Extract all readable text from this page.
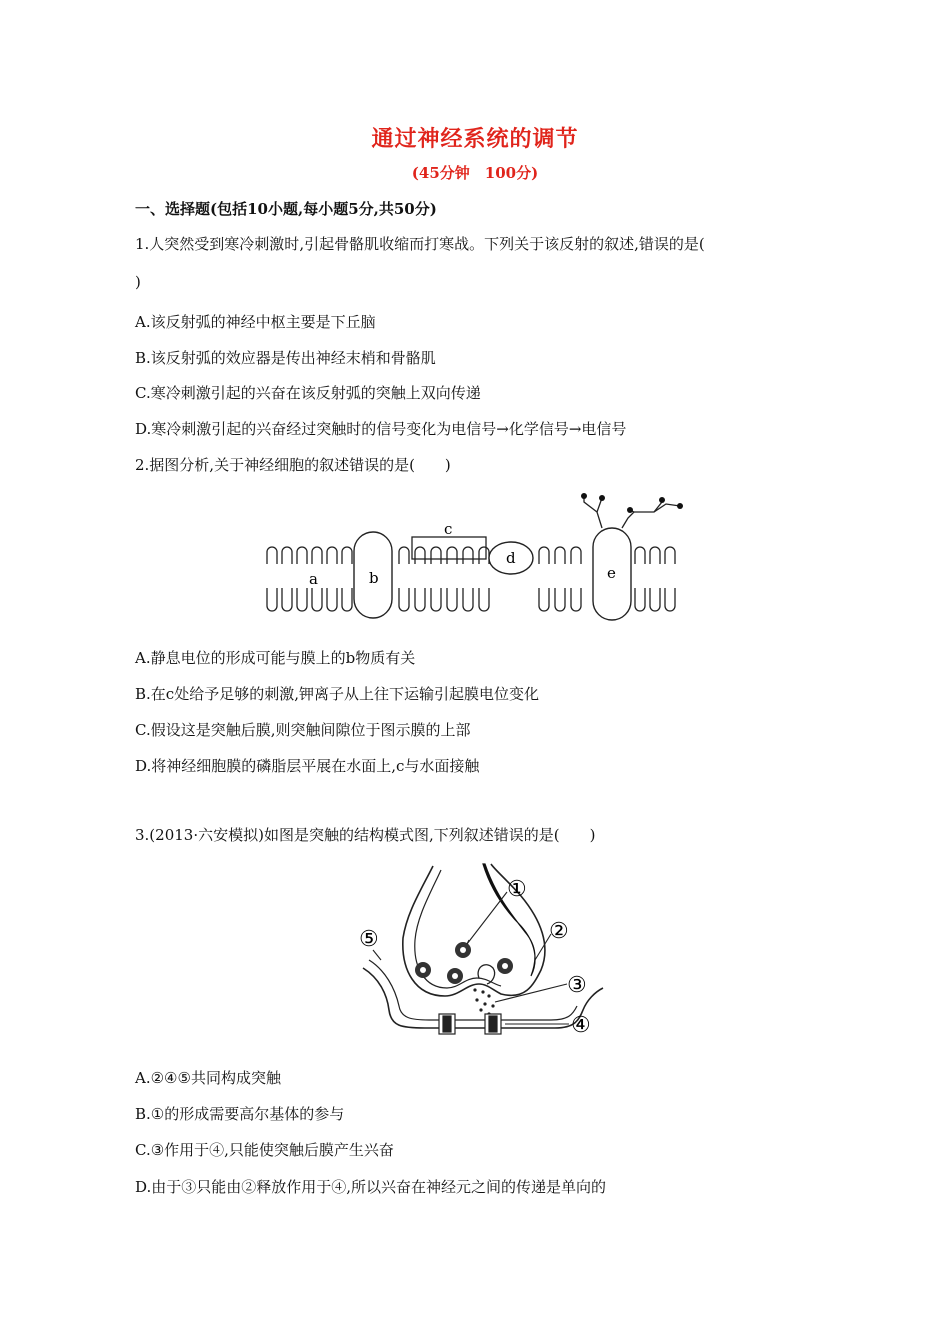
通过神经系统的调节
(45分钟　100分)
一、选择题(包括10小题,每小题5分,共50分)
1.人突然受到寒冷刺激时,引起骨骼肌收缩而打寒战。下列关于该反射的叙述,错误的是(
)
A.该反射弧的神经中枢主要是下丘脑
B.该反射弧的效应器是传出神经末梢和骨骼肌
C.寒冷刺激引起的兴奋在该反射弧的突触上双向传递
D.寒冷刺激引起的兴奋经过突触时的信号变化为电信号→化学信号→电信号
2.据图分析,关于神经细胞的叙述错误的是(　　)
a	b
c
d
e
A.静息电位的形成可能与膜上的b物质有关
B.在c处给予足够的刺激,钾离子从上往下运输引起膜电位变化
C.假设这是突触后膜,则突触间隙位于图示膜的上部
D.将神经细胞膜的磷脂层平展在水面上,c与水面接触
3.(2013·六安模拟)如图是突触的结构模式图,下列叙述错误的是(　　)
①
②
③
④
⑤
A.②④⑤共同构成突触
B.①的形成需要高尔基体的参与
C.③作用于④,只能使突触后膜产生兴奋
D.由于③只能由②释放作用于④,所以兴奋在神经元之间的传递是单向的
